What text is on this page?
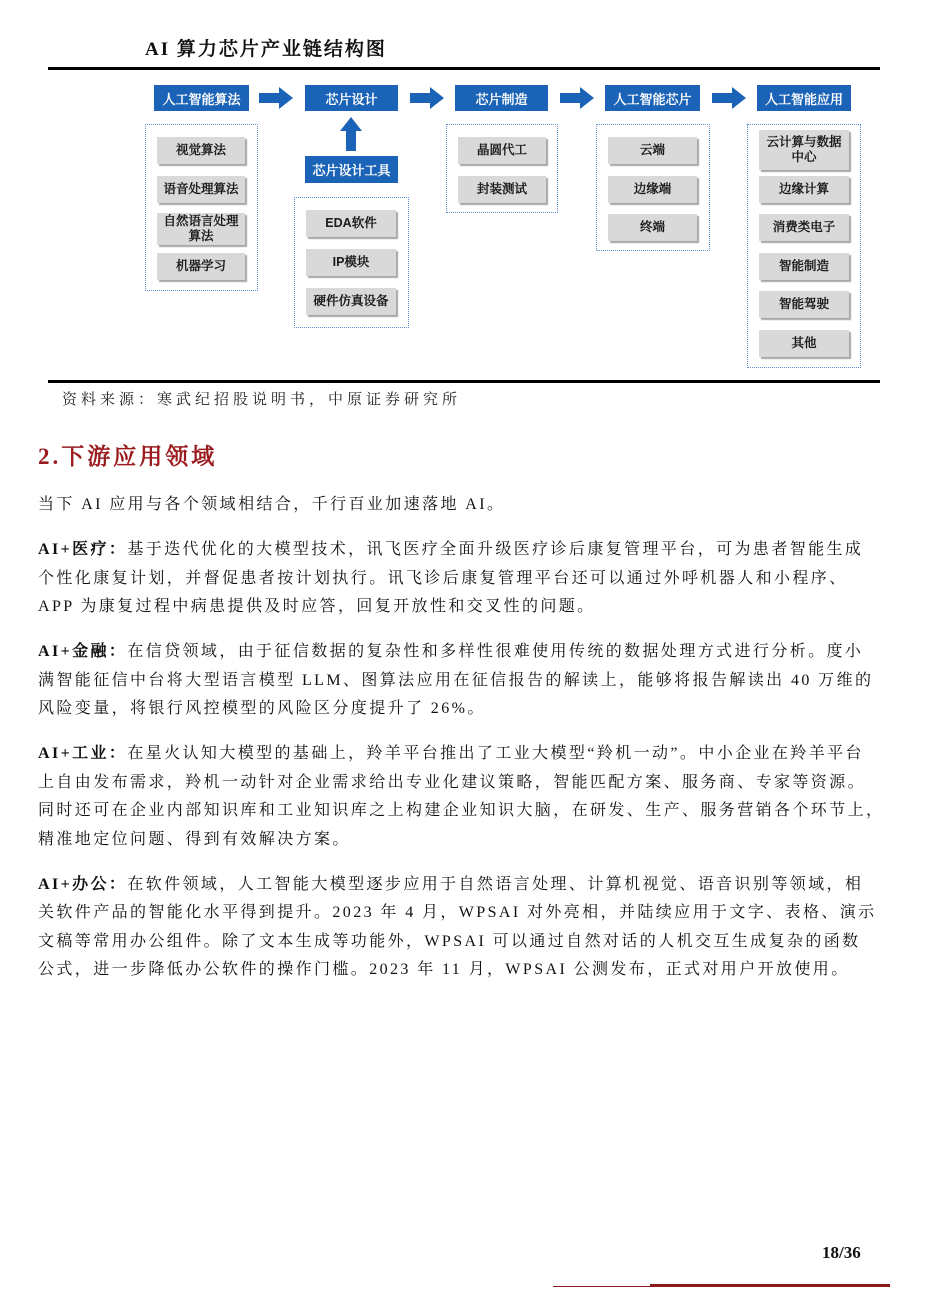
AI 算力芯片产业链结构图
人工智能算法	芯片设计	芯片制造	人工智能芯片	人工智能应用
芯片设计工具
视觉算法
语音处理算法
自然语言处理
算法
机器学习
EDA软件
IP模块
硬件仿真设备
晶圆代工
封装测试
云端
边缘端
终端
云计算与数据
中心
边缘计算
消费类电子
智能制造
智能驾驶
其他
资料来源：寒武纪招股说明书，中原证券研究所
2.下游应用领域
当下 AI 应用与各个领域相结合，千行百业加速落地 AI。
AI+医疗：基于迭代优化的大模型技术，讯飞医疗全面升级医疗诊后康复管理平台，可为患者智能生成
个性化康复计划，并督促患者按计划执行。讯飞诊后康复管理平台还可以通过外呼机器人和小程序、
APP 为康复过程中病患提供及时应答，回复开放性和交叉性的问题。
AI+金融：在信贷领域，由于征信数据的复杂性和多样性很难使用传统的数据处理方式进行分析。度小
满智能征信中台将大型语言模型 LLM、图算法应用在征信报告的解读上，能够将报告解读出 40 万维的
风险变量，将银行风控模型的风险区分度提升了 26%。
AI+工业：在星火认知大模型的基础上，羚羊平台推出了工业大模型“羚机一动”。中小企业在羚羊平台
上自由发布需求，羚机一动针对企业需求给出专业化建议策略，智能匹配方案、服务商、专家等资源。
同时还可在企业内部知识库和工业知识库之上构建企业知识大脑，在研发、生产、服务营销各个环节上，
精准地定位问题、得到有效解决方案。
AI+办公：在软件领域，人工智能大模型逐步应用于自然语言处理、计算机视觉、语音识别等领域，相
关软件产品的智能化水平得到提升。2023 年 4 月，WPSAI 对外亮相，并陆续应用于文字、表格、演示
文稿等常用办公组件。除了文本生成等功能外，WPSAI 可以通过自然对话的人机交互生成复杂的函数
公式，进一步降低办公软件的操作门槛。2023 年 11 月，WPSAI 公测发布，正式对用户开放使用。
18/36
